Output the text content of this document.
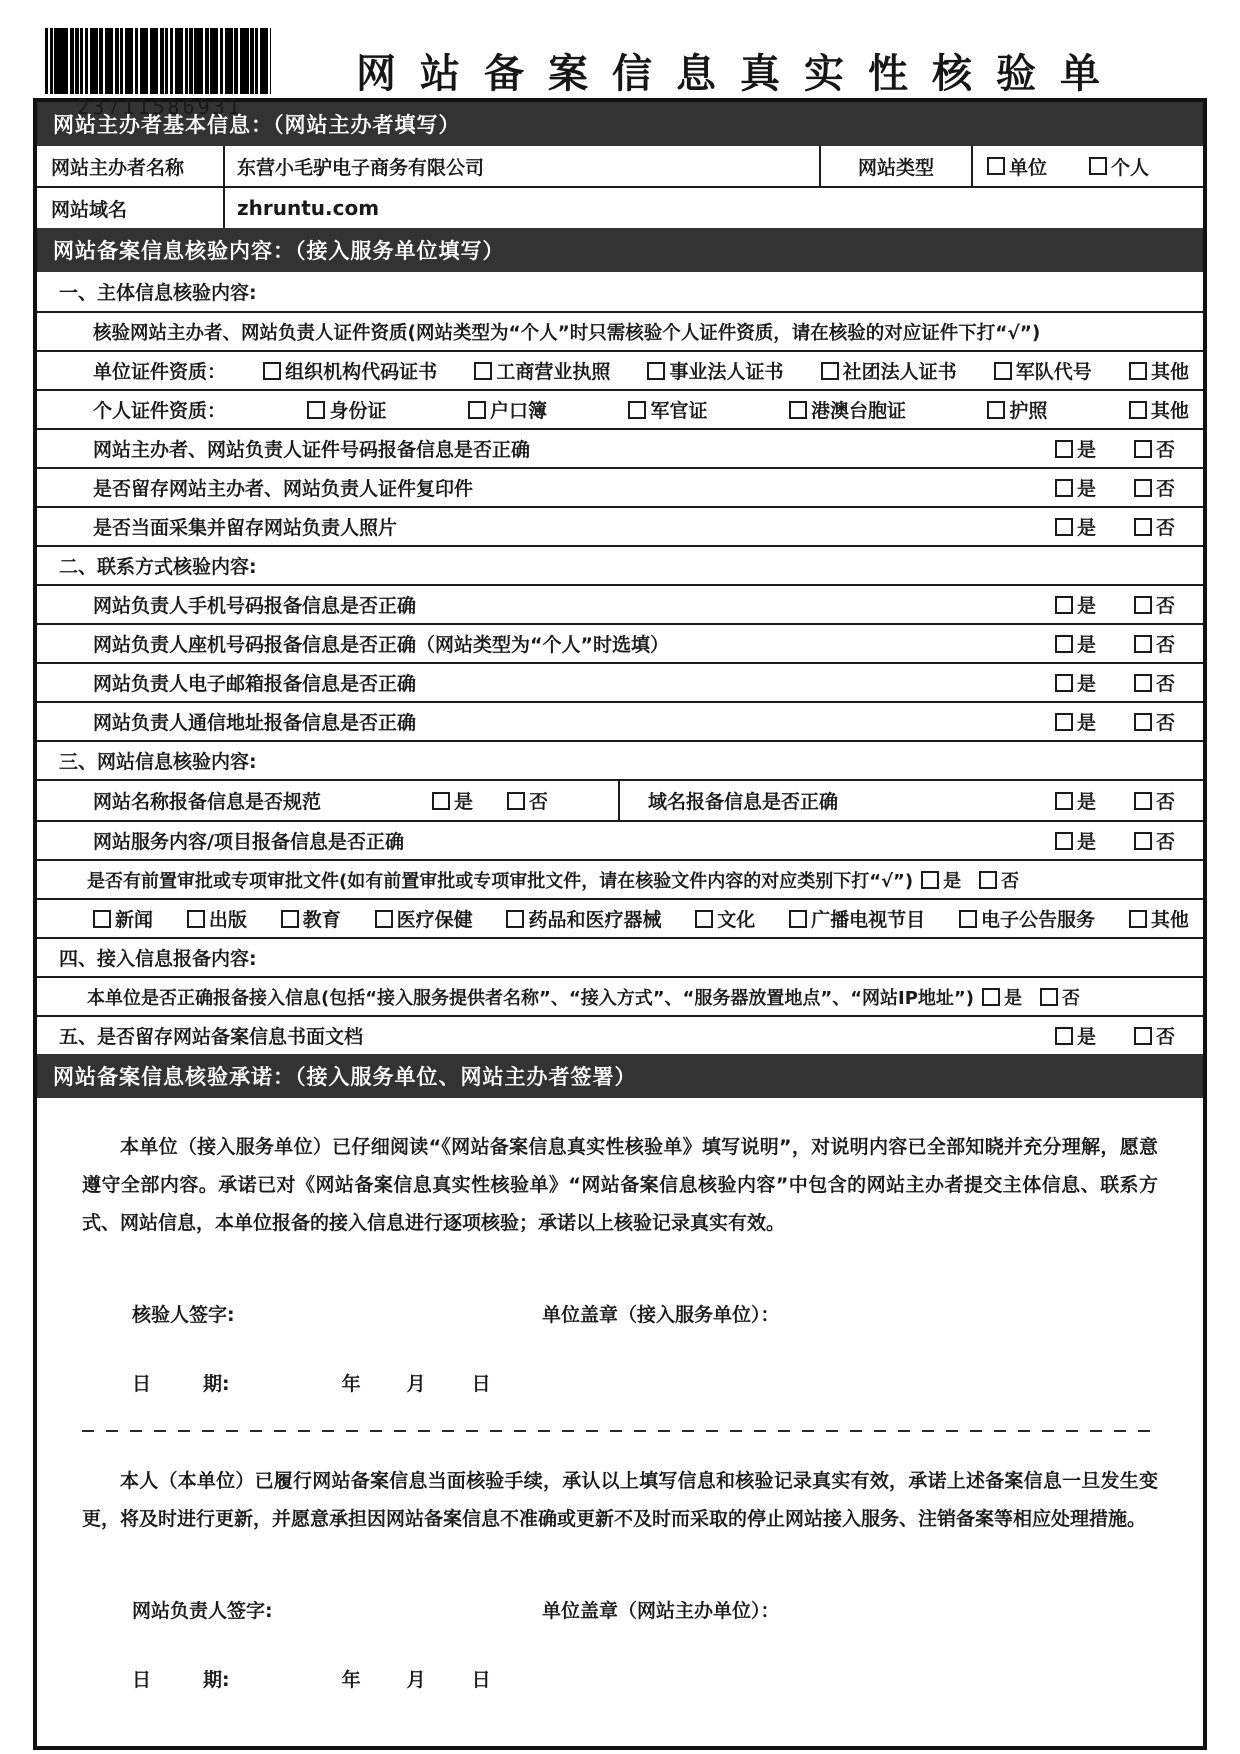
23711586931
网站备案信息真实性核验单
网站主办者基本信息：（网站主办者填写）
网站主办者名称	东营小毛驴电子商务有限公司	网站类型	单位	个人
网站域名	zhruntu.com
网站备案信息核验内容：（接入服务单位填写）
一、主体信息核验内容:
核验网站主办者、网站负责人证件资质(网站类型为“个人”时只需核验个人证件资质，请在核验的对应证件下打“√”)
单位证件资质：	组织机构代码证书	工商营业执照	事业法人证书	社团法人证书	军队代号	其他
个人证件资质：	身份证	户口簿	军官证	港澳台胞证	护照	其他
网站主办者、网站负责人证件号码报备信息是否正确	是	否
是否留存网站主办者、网站负责人证件复印件	是	否
是否当面采集并留存网站负责人照片	是	否
二、联系方式核验内容:
网站负责人手机号码报备信息是否正确	是	否
网站负责人座机号码报备信息是否正确（网站类型为“个人”时选填）	是	否
网站负责人电子邮箱报备信息是否正确	是	否
网站负责人通信地址报备信息是否正确	是	否
三、网站信息核验内容:
网站名称报备信息是否规范	是	否	域名报备信息是否正确	是	否
网站服务内容/项目报备信息是否正确	是	否
是否有前置审批或专项审批文件(如有前置审批或专项审批文件，请在核验文件内容的对应类别下打“√”) 是 否
新闻	出版	教育	医疗保健	药品和医疗器械	文化	广播电视节目	电子公告服务	其他
四、接入信息报备内容:
本单位是否正确报备接入信息(包括“接入服务提供者名称”、“接入方式”、“服务器放置地点”、“网站IP地址”) 是 否
五、是否留存网站备案信息书面文档	是	否
网站备案信息核验承诺：（接入服务单位、网站主办者签署）

本单位（接入服务单位）已仔细阅读“《网站备案信息真实性核验单》填写说明”，对说明内容已全部知晓并充分理解，愿意遵守全部内容。承诺已对《网站备案信息真实性核验单》“网站备案信息核验内容”中包含的网站主办者提交主体信息、联系方式、网站信息，本单位报备的接入信息进行逐项核验；承诺以上核验记录真实有效。

核验人签字:	单位盖章（接入服务单位）：
日	期:	年 月 日

本人（本单位）已履行网站备案信息当面核验手续，承认以上填写信息和核验记录真实有效，承诺上述备案信息一旦发生变更，将及时进行更新，并愿意承担因网站备案信息不准确或更新不及时而采取的停止网站接入服务、注销备案等相应处理措施。

网站负责人签字:	单位盖章（网站主办单位）：
日	期:	年 月 日
